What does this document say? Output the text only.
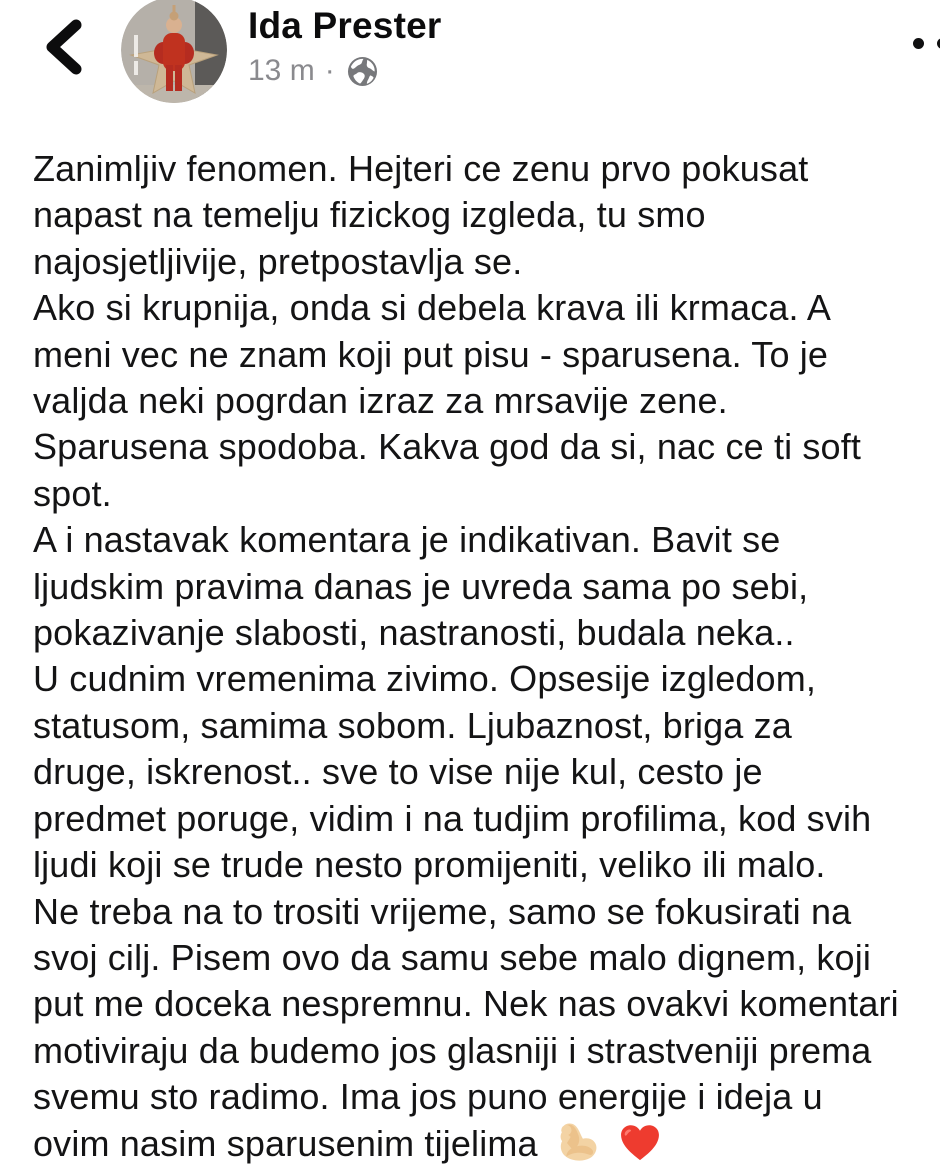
Ida Prester
13 m ·
Zanimljiv fenomen. Hejteri ce zenu prvo pokusat
napast na temelju fizickog izgleda, tu smo
najosjetljivije, pretpostavlja se.
Ako si krupnija, onda si debela krava ili krmaca. A
meni vec ne znam koji put pisu - sparusena. To je
valjda neki pogrdan izraz za mrsavije zene.
Sparusena spodoba. Kakva god da si, nac ce ti soft
spot.
A i nastavak komentara je indikativan. Bavit se
ljudskim pravima danas je uvreda sama po sebi,
pokazivanje slabosti, nastranosti, budala neka..
U cudnim vremenima zivimo. Opsesije izgledom,
statusom, samima sobom. Ljubaznost, briga za
druge, iskrenost.. sve to vise nije kul, cesto je
predmet poruge, vidim i na tudjim profilima, kod svih
ljudi koji se trude nesto promijeniti, veliko ili malo.
Ne treba na to trositi vrijeme, samo se fokusirati na
svoj cilj. Pisem ovo da samu sebe malo dignem, koji
put me doceka nespremnu. Nek nas ovakvi komentari
motiviraju da budemo jos glasniji i strastveniji prema
svemu sto radimo. Ima jos puno energije i ideja u
ovim nasim sparusenim tijelima
